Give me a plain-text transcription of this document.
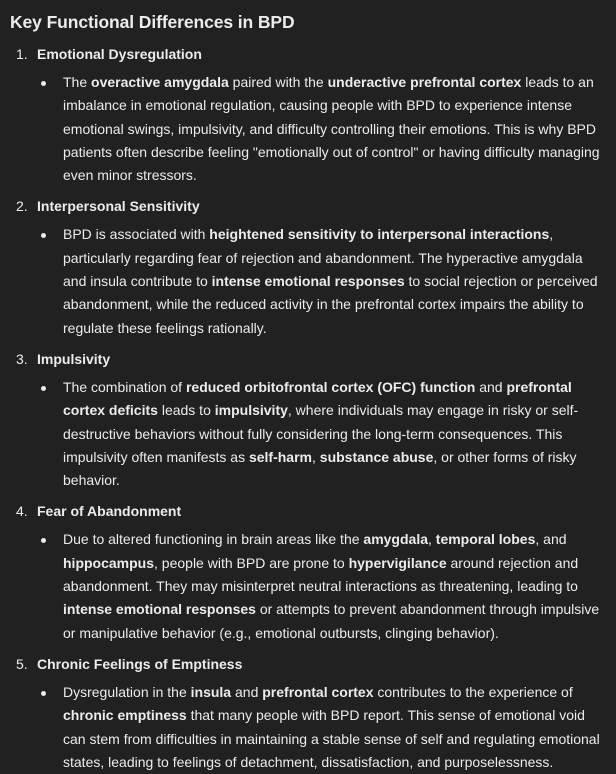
Key Functional Differences in BPD
1. Emotional Dysregulation

The overactive amygdala paired with the underactive prefrontal cortex leads to an imbalance in emotional regulation, causing people with BPD to experience intense emotional swings, impulsivity, and difficulty controlling their emotions. This is why BPD patients often describe feeling "emotionally out of control" or having difficulty managing even minor stressors.

2. Interpersonal Sensitivity

BPD is associated with heightened sensitivity to interpersonal interactions, particularly regarding fear of rejection and abandonment. The hyperactive amygdala and insula contribute to intense emotional responses to social rejection or perceived abandonment, while the reduced activity in the prefrontal cortex impairs the ability to regulate these feelings rationally.

3. Impulsivity

The combination of reduced orbitofrontal cortex (OFC) function and prefrontal cortex deficits leads to impulsivity, where individuals may engage in risky or self-destructive behaviors without fully considering the long-term consequences. This impulsivity often manifests as self-harm, substance abuse, or other forms of risky behavior.

4. Fear of Abandonment

Due to altered functioning in brain areas like the amygdala, temporal lobes, and hippocampus, people with BPD are prone to hypervigilance around rejection and abandonment. They may misinterpret neutral interactions as threatening, leading to intense emotional responses or attempts to prevent abandonment through impulsive or manipulative behavior (e.g., emotional outbursts, clinging behavior).

5. Chronic Feelings of Emptiness

Dysregulation in the insula and prefrontal cortex contributes to the experience of chronic emptiness that many people with BPD report. This sense of emotional void can stem from difficulties in maintaining a stable sense of self and regulating emotional states, leading to feelings of detachment, dissatisfaction, and purposelessness.
